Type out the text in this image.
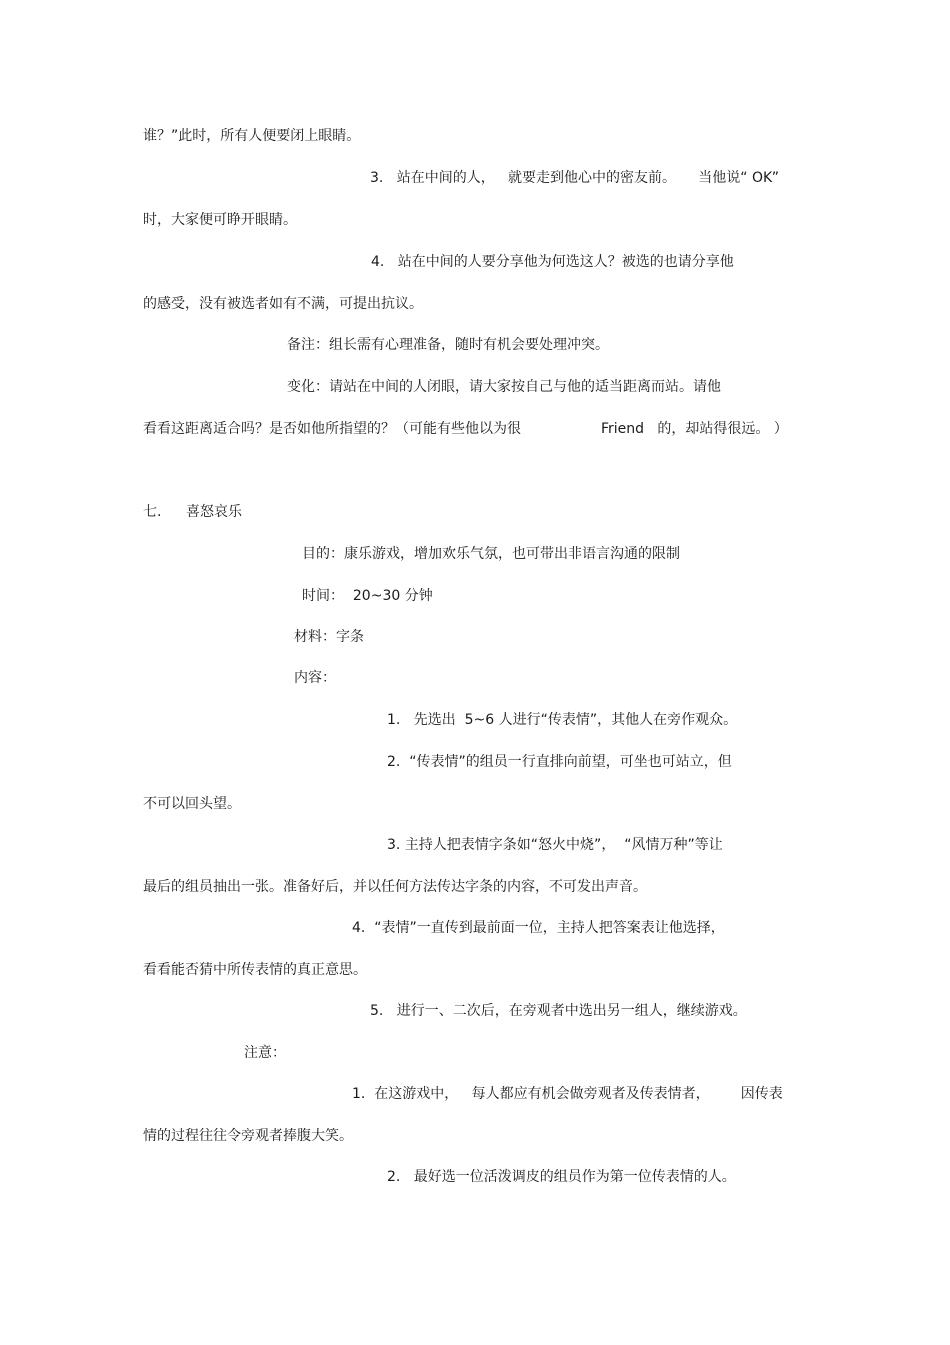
谁？”此时，所有人便要闭上眼睛。
3.   站在中间的人，   就要走到他心中的密友前。     当他说“ OK”
时，大家便可睁开眼睛。
4.   站在中间的人要分享他为何选这人？被选的也请分享他
的感受，没有被选者如有不满，可提出抗议。
备注：组长需有心理准备，随时有机会要处理冲突。
变化：请站在中间的人闭眼，请大家按自己与他的适当距离而站。请他
看看这距离适合吗？是否如他所指望的？（可能有些他以为很	Friend   的，却站得很远。 ）
七. 喜怒哀乐
目的：康乐游戏，增加欢乐气氛，也可带出非语言沟通的限制
时间：  20~30 分钟
材料：字条
内容：
1.   先选出  5~6 人进行“传表情”，其他人在旁作观众。
2.  “传表情”的组员一行直排向前望，可坐也可站立，但
不可以回头望。
3. 主持人把表情字条如“怒火中烧”，  “风情万种”等让
最后的组员抽出一张。准备好后，并以任何方法传达字条的内容，不可发出声音。
4.  “表情”一直传到最前面一位，主持人把答案表让他选择，
看看能否猜中所传表情的真正意思。
5.   进行一、二次后，在旁观者中选出另一组人，继续游戏。
注意：
1.  在这游戏中，   每人都应有机会做旁观者及传表情者，       因传表
情的过程往往令旁观者捧腹大笑。
2.   最好选一位活泼调皮的组员作为第一位传表情的人。
